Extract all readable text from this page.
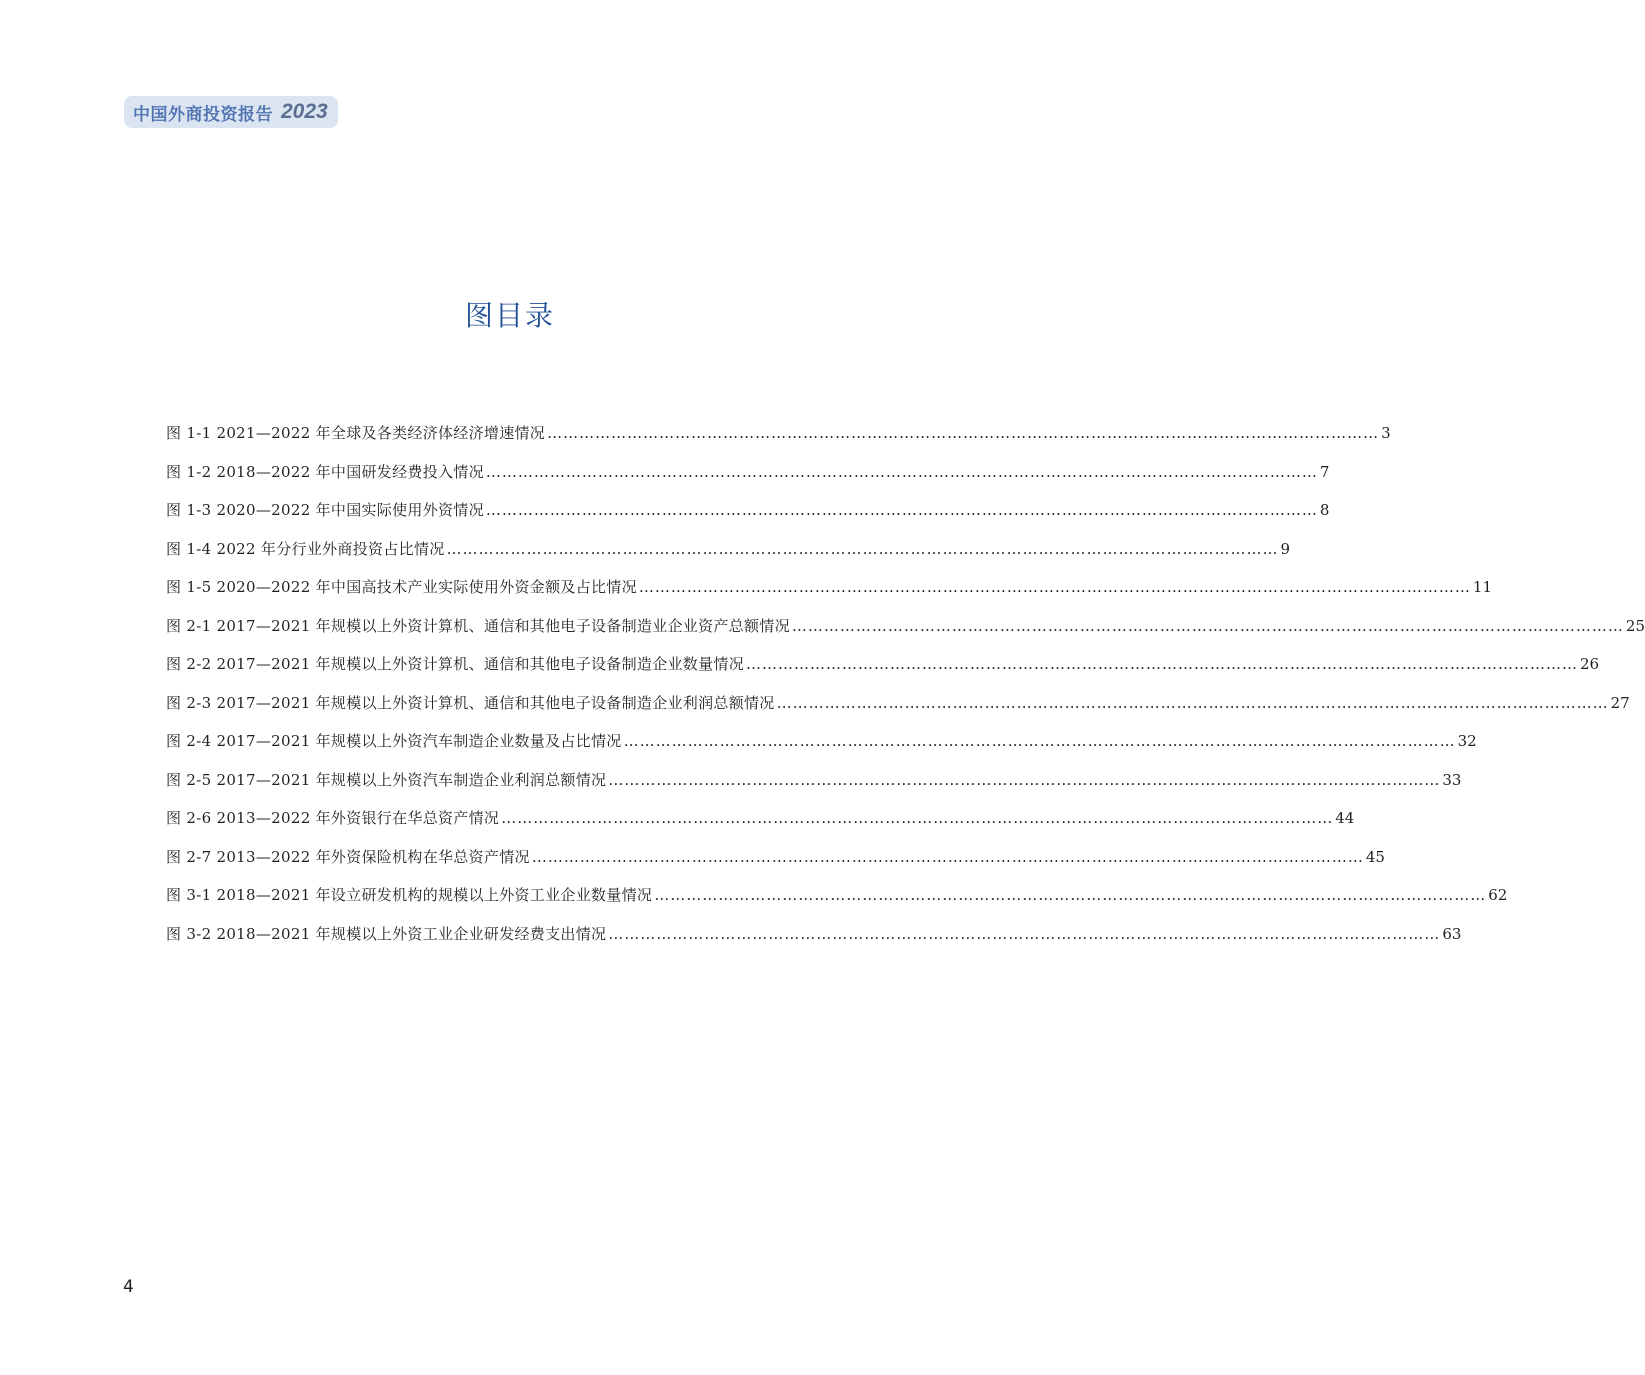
中国外商投资报告 2023
图目录
图 1-1 2021—2022 年全球及各类经济体经济增速情况 …………………………………………………………………………………………………………………………………………	3
图 1-2 2018—2022 年中国研发经费投入情况 …………………………………………………………………………………………………………………………………………	7
图 1-3 2020—2022 年中国实际使用外资情况 …………………………………………………………………………………………………………………………………………	8
图 1-4 2022 年分行业外商投资占比情况 …………………………………………………………………………………………………………………………………………	9
图 1-5 2020—2022 年中国高技术产业实际使用外资金额及占比情况 …………………………………………………………………………………………………………………………………………	11
图 2-1 2017—2021 年规模以上外资计算机、通信和其他电子设备制造业企业资产总额情况 …………………………………………………………………………………………………………………………………………	25
图 2-2 2017—2021 年规模以上外资计算机、通信和其他电子设备制造企业数量情况 …………………………………………………………………………………………………………………………………………	26
图 2-3 2017—2021 年规模以上外资计算机、通信和其他电子设备制造企业利润总额情况 …………………………………………………………………………………………………………………………………………	27
图 2-4 2017—2021 年规模以上外资汽车制造企业数量及占比情况 …………………………………………………………………………………………………………………………………………	32
图 2-5 2017—2021 年规模以上外资汽车制造企业利润总额情况 …………………………………………………………………………………………………………………………………………	33
图 2-6 2013—2022 年外资银行在华总资产情况 …………………………………………………………………………………………………………………………………………	44
图 2-7 2013—2022 年外资保险机构在华总资产情况 …………………………………………………………………………………………………………………………………………	45
图 3-1 2018—2021 年设立研发机构的规模以上外资工业企业数量情况 …………………………………………………………………………………………………………………………………………	62
图 3-2 2018—2021 年规模以上外资工业企业研发经费支出情况 …………………………………………………………………………………………………………………………………………	63
4
